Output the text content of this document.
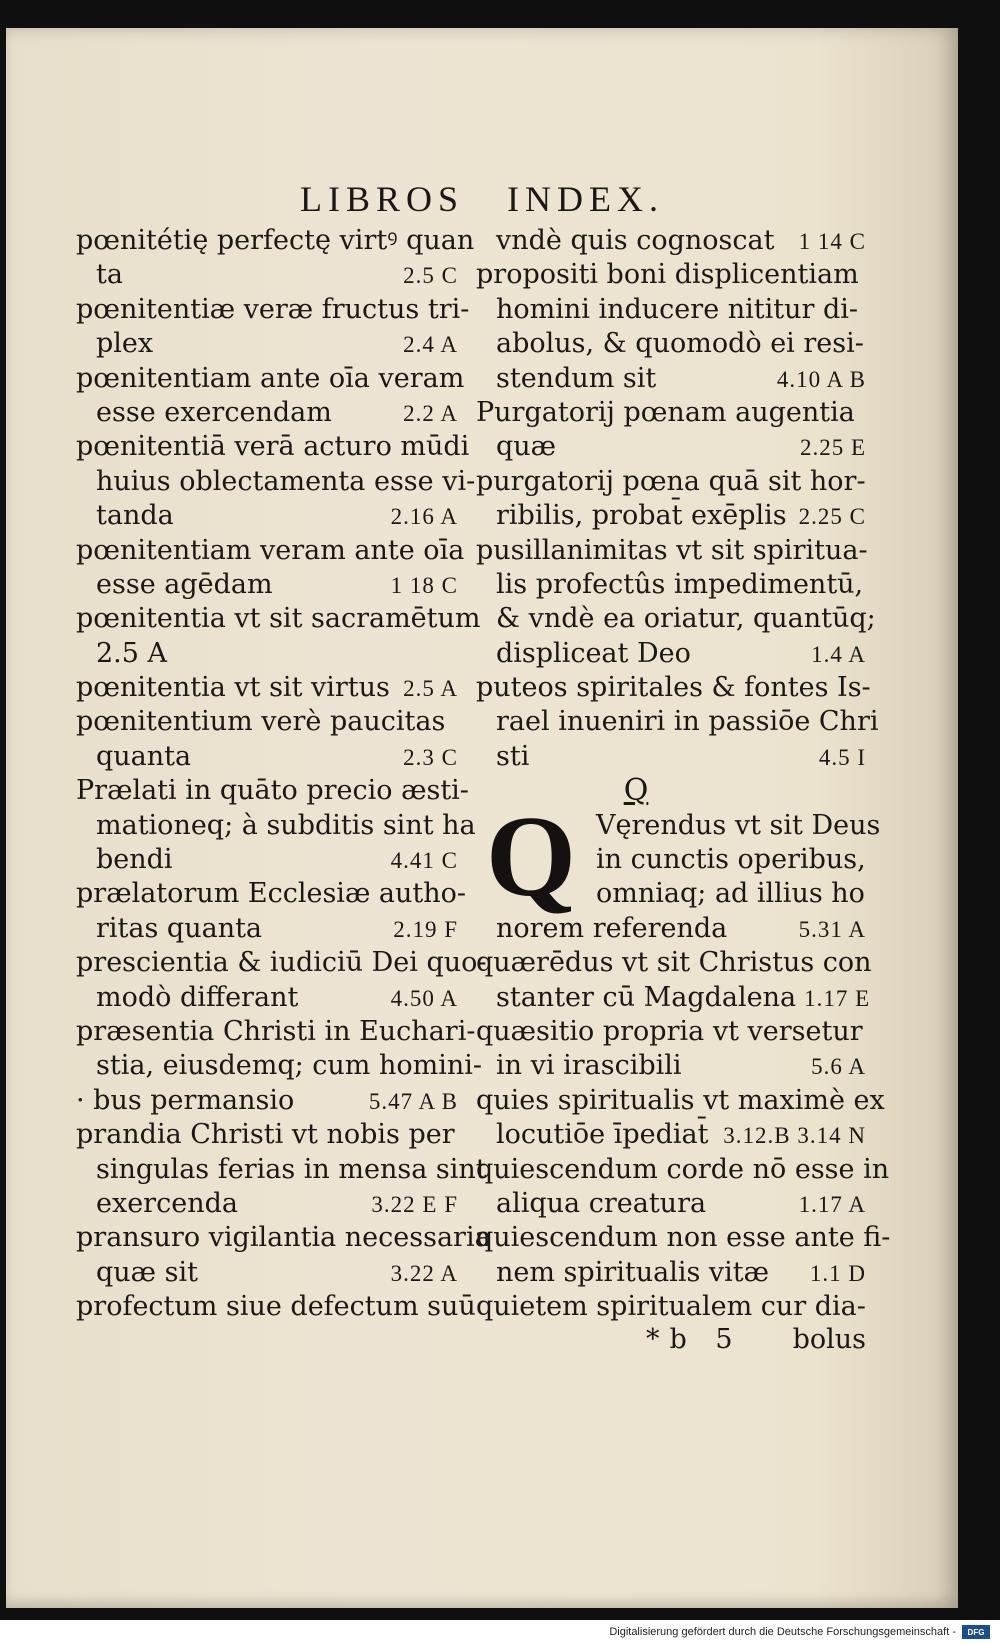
LIBROS INDEX.
pœnitétię perfectę virtꝰ quan
ta	2.5 C
pœnitentiæ veræ fructus tri-
plex	2.4 A
pœnitentiam ante oīa veram
esse exercendam	2.2 A
pœnitentiā verā acturo mūdi
huius oblectamenta esse vi-
tanda	2.16 A
pœnitentiam veram ante oīa
esse agēdam	1 18 C
pœnitentia vt sit sacramētum
2.5 A
pœnitentia vt sit virtus 2.5 A
pœnitentium verè paucitas
quanta	2.3 C
Prælati in quāto precio æsti-
mationeq; à subditis sint ha
bendi	4.41 C
prælatorum Ecclesiæ autho-
ritas quanta	2.19 F
prescientia & iudiciū Dei quo-
modò differant	4.50 A
præsentia Christi in Euchari-
stia, eiusdemq; cum homini-
· bus permansio	5.47 A B
prandia Christi vt nobis per
singulas ferias in mensa sint
exercenda	3.22 E F
pransuro vigilantia necessaria
quæ sit	3.22 A
profectum siue defectum suū
vndè quis cognoscat 1 14 C
propositi boni displicentiam
homini inducere nititur di-
abolus, & quomodò ei resi-
stendum sit	4.10 A B
Purgatorij pœnam augentia
quæ	2.25 E
purgatorij pœna quā sit hor-
ribilis, probat̄ exēplis 2.25 C
pusillanimitas vt sit spiritua-
lis profectûs impedimentū,
& vndè ea oriatur, quantūq;
displiceat Deo	1.4 A
puteos spiritales & fontes Is-
rael inueniri in passiōe Chri
sti	4.5 I
Q
Q Vęrendus vt sit Deus
in cunctis operibus,
omniaq; ad illius ho
norem referenda	5.31 A
quærēdus vt sit Christus con
stanter cū Magdalena 1.17 E
quæsitio propria vt versetur
in vi irascibili	5.6 A
quies spiritualis vt maximè ex
locutiōe īpediat̄ 3.12.B 3.14 N
quiescendum corde nō esse in
aliqua creatura	1.17 A
quiescendum non esse ante fi-
nem spiritualis vitæ 1.1 D
quietem spiritualem cur dia-
*b 5 bolus
Digitalisierung gefördert durch die Deutsche Forschungsgemeinschaft -	DFG
